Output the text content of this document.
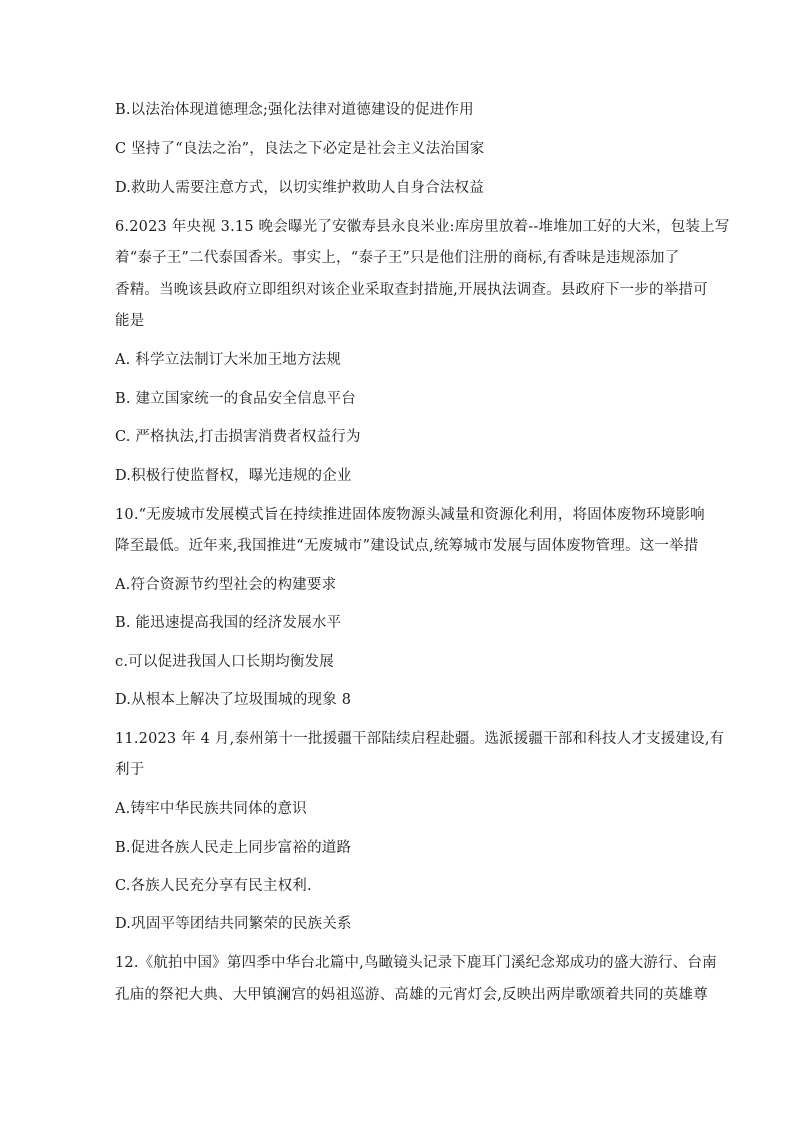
B.以法治体现道德理念;强化法律对道德建设的促进作用
C 坚持了“良法之治”，良法之下必定是社会主义法治国家
D.救助人需要注意方式，以切实维护救助人自身合法权益
6.2023 年央视 3.15 晚会曝光了安徽寿县永良米业:库房里放着--堆堆加工好的大米，包装上写
着“泰子王”二代泰国香米。事实上，“泰子王”只是他们注册的商标,有香味是违规添加了
香精。当晚该县政府立即组织对该企业采取查封措施,开展执法调查。县政府下一步的举措可
能是
A. 科学立法制订大米加王地方法规
B. 建立国家统一的食品安全信息平台
C. 严格执法,打击损害消费者权益行为
D.积极行使监督权，曝光违规的企业
10.“无废城市发展模式旨在持续推进固体废物源头减量和资源化利用，将固体废物环境影响
降至最低。近年来,我国推进“无废城市”建设试点,统筹城市发展与固体废物管理。这一举措
A.符合资源节约型社会的构建要求
B. 能迅速提高我国的经济发展水平
c.可以促进我国人口长期均衡发展
D.从根本上解决了垃圾围城的现象 8
11.2023 年 4 月,泰州第十一批援疆干部陆续启程赴疆。选派援疆干部和科技人才支援建设,有
利于
A.铸牢中华民族共同体的意识
B.促进各族人民走上同步富裕的道路
C.各族人民充分享有民主权利.
D.巩固平等团结共同繁荣的民族关系
12.《航拍中国》第四季中华台北篇中,鸟瞰镜头记录下鹿耳门溪纪念郑成功的盛大游行、台南
孔庙的祭祀大典、大甲镇澜宫的妈祖巡游、高雄的元宵灯会,反映出两岸歌颂着共同的英雄尊
